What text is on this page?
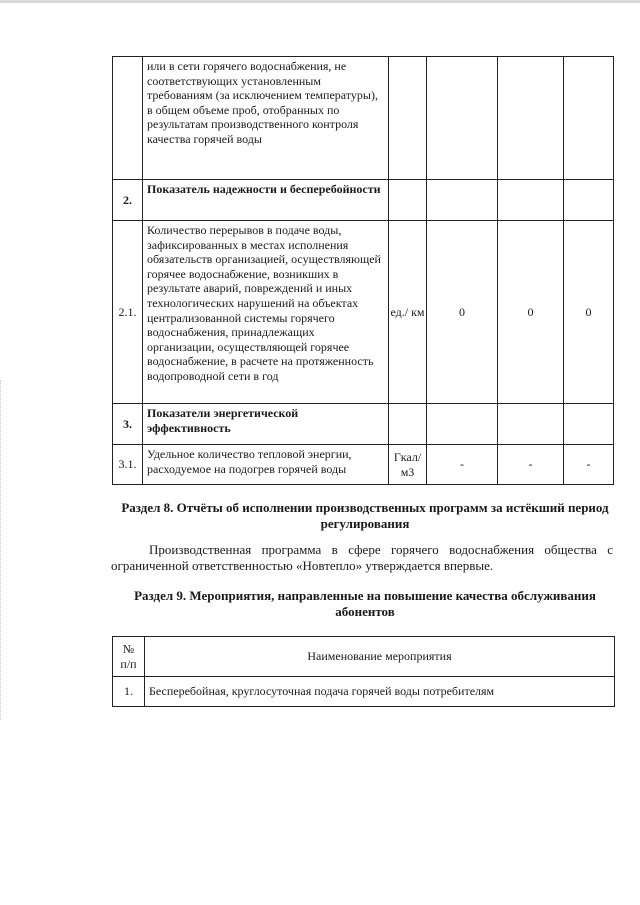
	или в сети горячего водоснабжения, не соответствующих установленным требованиям (за исключением температуры), в общем объеме проб, отобранных по результатам производственного контроля качества горячей воды				
2.	Показатель надежности и бесперебойности				
2.1.	Количество перерывов в подаче воды, зафиксированных в местах исполнения обязательств организацией, осуществляющей горячее водоснабжение, возникших в результате аварий, повреждений и иных технологических нарушений на объектах централизованной системы горячего водоснабжения, принадлежащих организации, осуществляющей горячее водоснабжение, в расчете на протяженность водопроводной сети в год	ед./ км	0	0	0
3.	Показатели энергетической эффективность				
3.1.	Удельное количество тепловой энергии, расходуемое на подогрев горячей воды	Гкал/ м3	-	-	-
Раздел 8. Отчёты об исполнении производственных программ за истёкший период регулирования
Производственная программа в сфере горячего водоснабжения общества с
ограниченной ответственностью «Новтепло» утверждается впервые.
Раздел 9. Мероприятия, направленные на повышение качества обслуживания абонентов
№ п/п	Наименование мероприятия
1.	Бесперебойная, круглосуточная подача горячей воды потребителям
